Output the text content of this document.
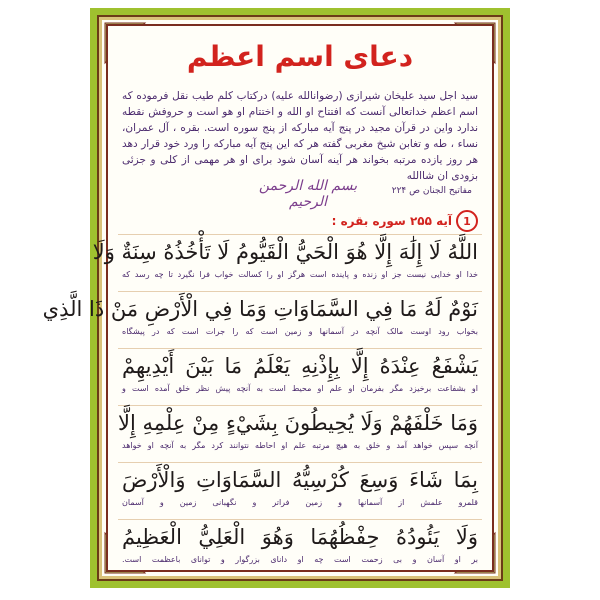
دعای اسم اعظم
سید اجل سید علیخان شیرازی (رضوانالله علیه) درکتاب کلم طیب نقل فرموده که اسم اعظم خداتعالی آنست که افتتاح او الله و اختتام او هو است و حروفش نقطه ندارد واین در قرآن مجید در پنج آیه مبارکه از پنج سوره است. بقره ، آل عمران، نساء ، طه و تغابن شیخ مغربی گفته هر که این پنج آیه مبارکه را ورد خود قرار دهد هر روز یازده مرتبه بخواند هر آینه آسان شود برای او هر مهمی از کلی و جزئی بزودی ان شاالله
بسم الله الرحمن الرحیم
مفاتیح الجنان ص ۲۲۴
1
آیه ۲۵۵ سوره بقره :
اللَّهُ لَا إِلَٰهَ إِلَّا هُوَ الْحَيُّ الْقَيُّومُ لَا تَأْخُذُهُ سِنَةٌ وَلَا
خدا او خدایی نیست جز او زنده و پاینده است هرگز او را کسالت خواب فرا نگیرد تا چه رسد که
نَوْمٌ لَهُ مَا فِي السَّمَاوَاتِ وَمَا فِي الْأَرْضِ مَنْ ذَا الَّذِي
بخواب رود اوست مالک آنچه در آسمانها و زمین است که را جرات است که در پیشگاه
يَشْفَعُ عِنْدَهُ إِلَّا بِإِذْنِهِ يَعْلَمُ مَا بَيْنَ أَيْدِيهِمْ
او بشفاعت برخیزد مگر بفرمان او علم او محیط است به آنچه پیش نظر خلق آمده است و
وَمَا خَلْفَهُمْ وَلَا يُحِيطُونَ بِشَيْءٍ مِنْ عِلْمِهِ إِلَّا
آنچه سپس خواهد آمد و خلق به هیچ مرتبه علم او احاطه نتوانند کرد مگر به آنچه او خواهد
بِمَا شَاءَ وَسِعَ كُرْسِيُّهُ السَّمَاوَاتِ وَالْأَرْضَ
قلمرو علمش از آسمانها و زمین فراتر و نگهبانی زمین و آسمان
وَلَا يَئُودُهُ حِفْظُهُمَا وَهُوَ الْعَلِيُّ الْعَظِيمُ
بر او آسان و بی زحمت است چه او دانای بزرگوار و توانای باعظمت است.
